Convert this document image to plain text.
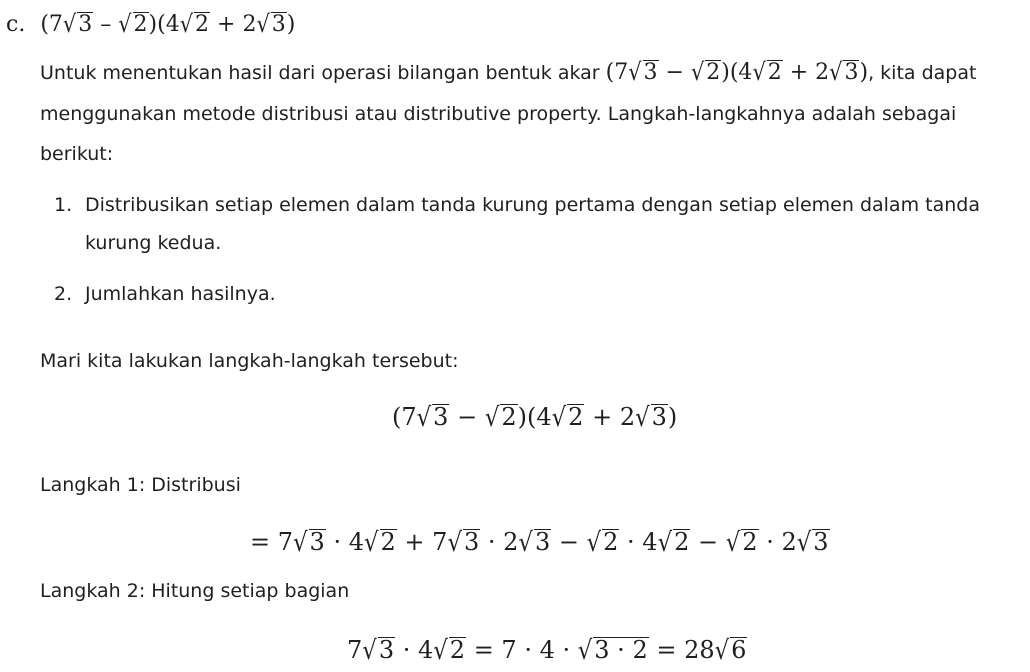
c. (7√3 – √2)(4√2 + 2√3)
Untuk menentukan hasil dari operasi bilangan bentuk akar (7√3 − √2)(4√2 + 2√3), kita dapat
menggunakan metode distribusi atau distributive property. Langkah-langkahnya adalah sebagai
berikut:
1. Distribusikan setiap elemen dalam tanda kurung pertama dengan setiap elemen dalam tanda
kurung kedua.
2. Jumlahkan hasilnya.
Mari kita lakukan langkah-langkah tersebut:
(7√3 − √2)(4√2 + 2√3)
Langkah 1: Distribusi
= 7√3 · 4√2 + 7√3 · 2√3 − √2 · 4√2 − √2 · 2√3
Langkah 2: Hitung setiap bagian
7√3 · 4√2 = 7 · 4 · √3 · 2 = 28√6
